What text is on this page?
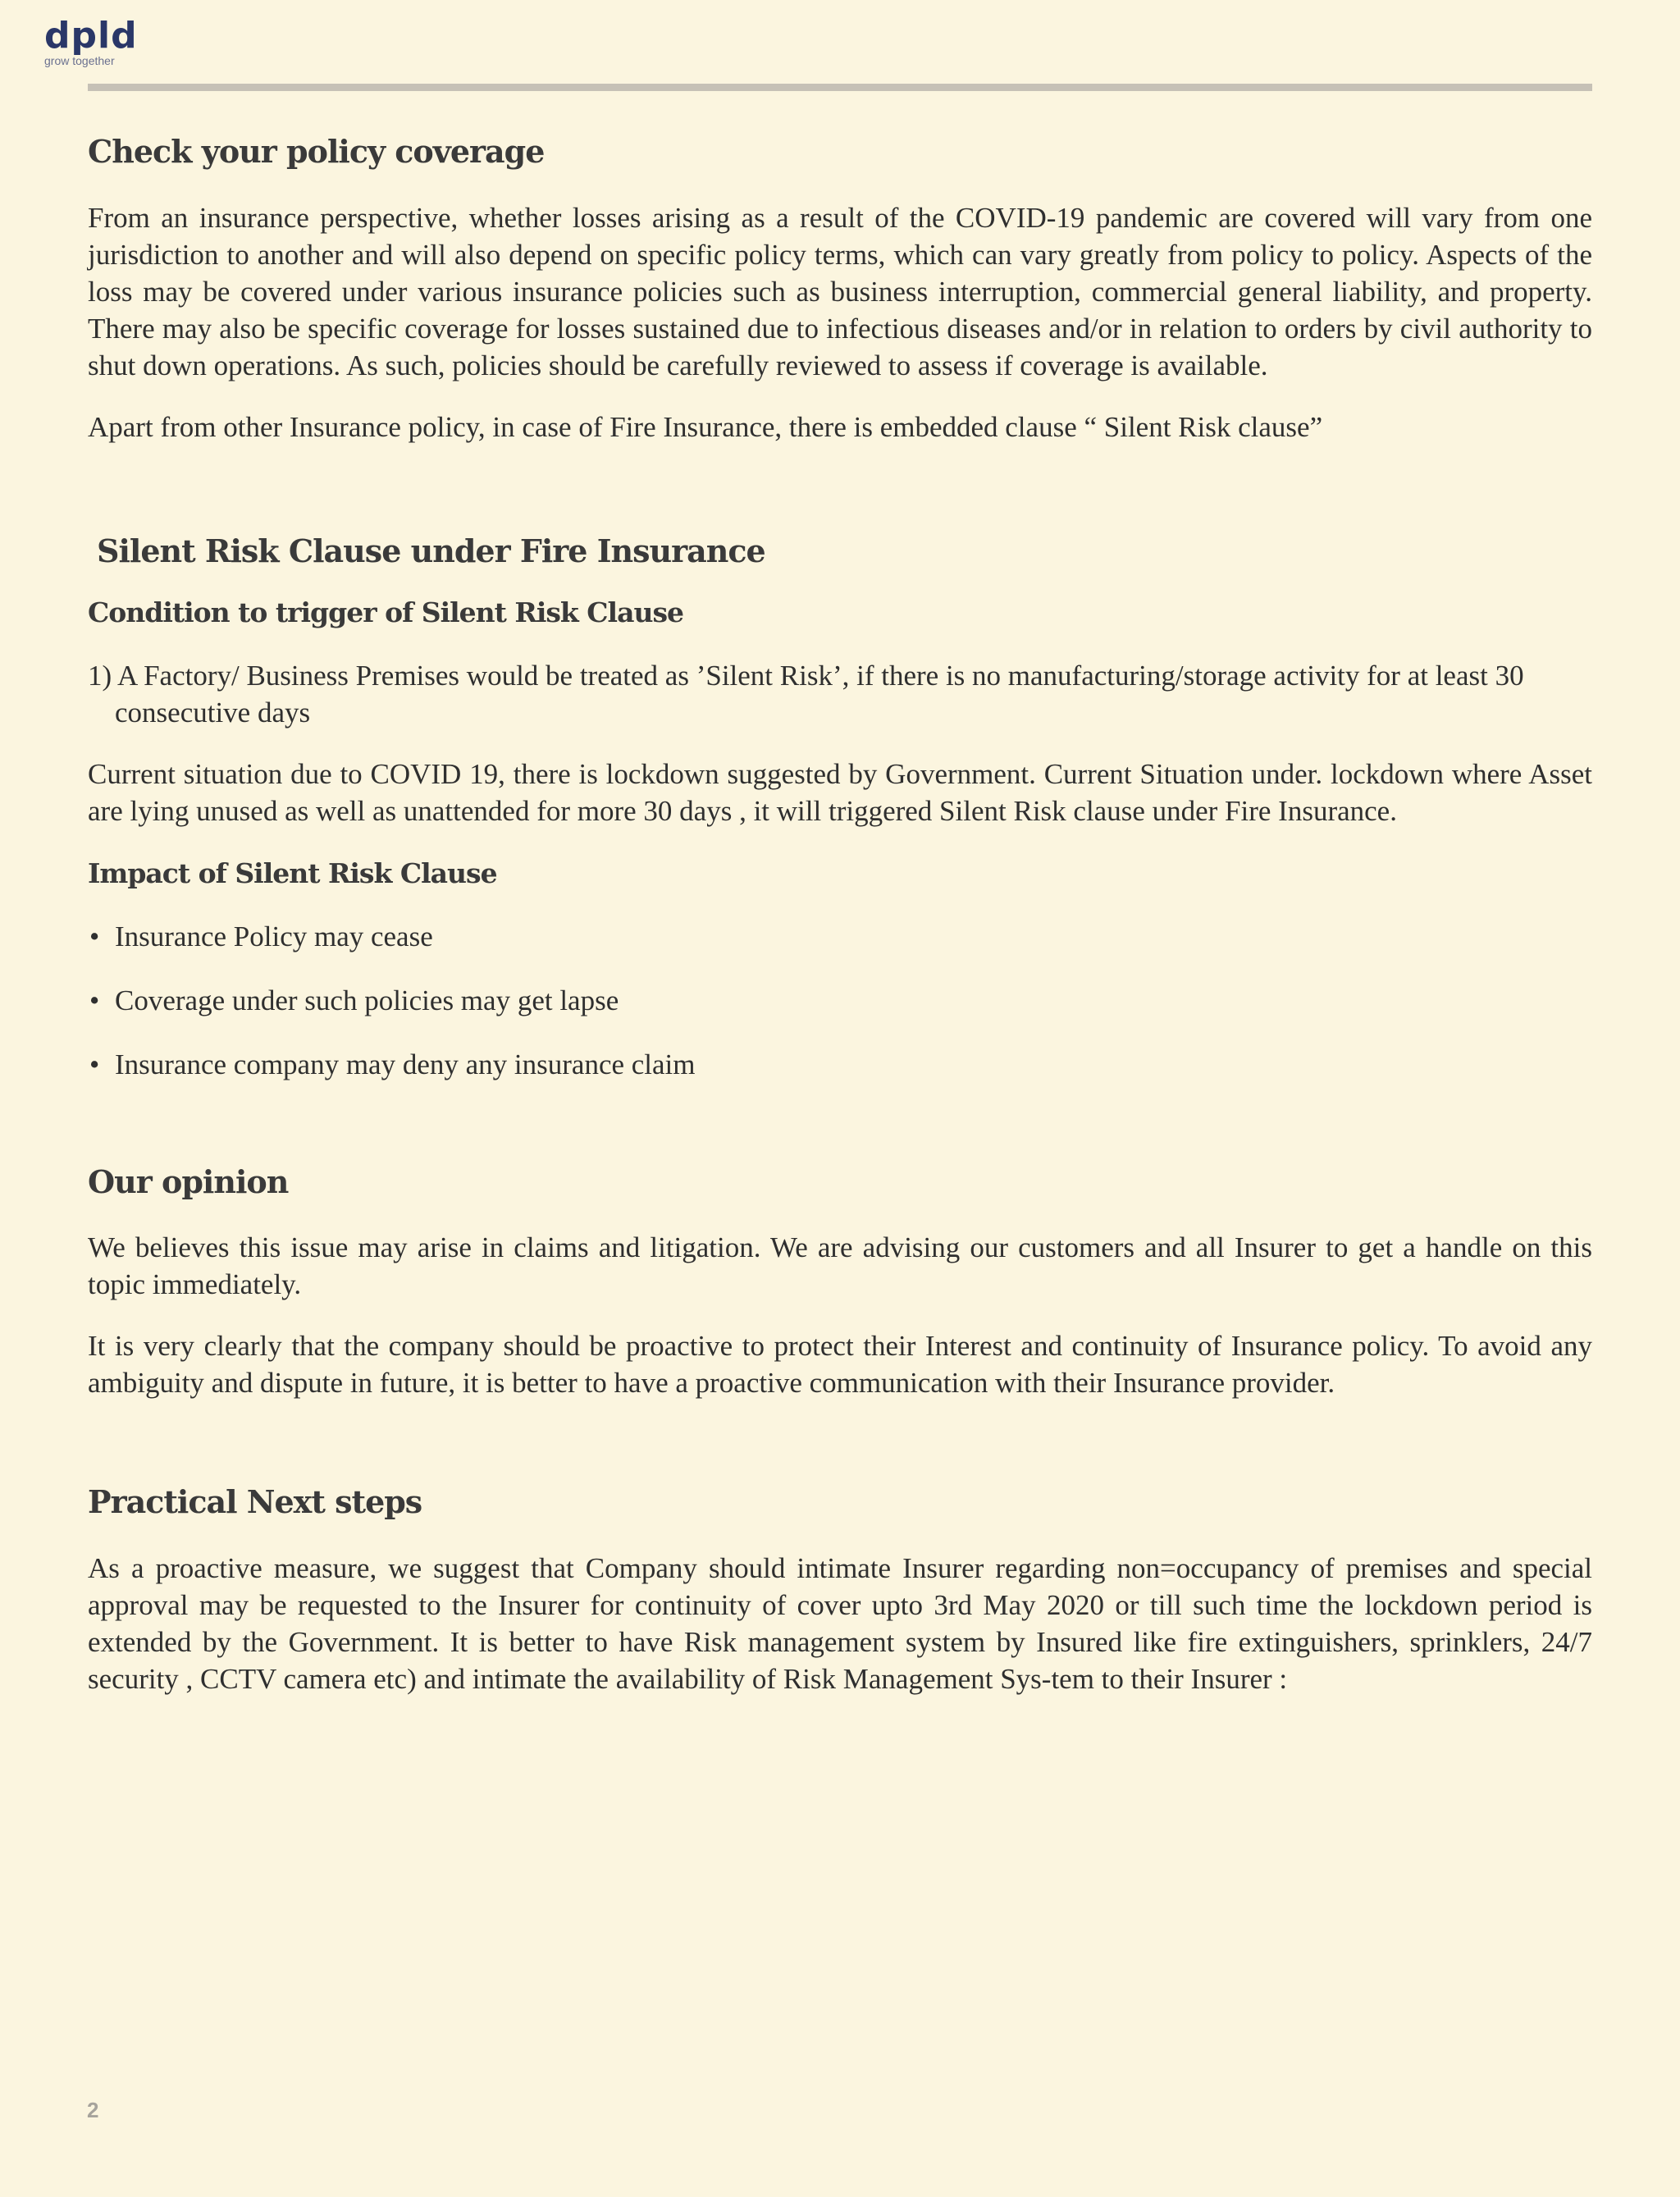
dpld
grow together
Check your policy coverage

From an insurance perspective, whether losses arising as a result of the COVID-19 pandemic are covered will vary from one jurisdiction to another and will also depend on specific policy terms, which can vary greatly from policy to policy. Aspects of the loss may be covered under various insurance policies such as business interruption, commercial general liability, and property. There may also be specific coverage for losses sustained due to infectious diseases and/or in relation to orders by civil authority to shut down operations. As such, policies should be carefully reviewed to assess if coverage is available.

Apart from other Insurance policy, in case of Fire Insurance, there is embedded clause “ Silent Risk clause”

Silent Risk Clause under Fire Insurance
Condition to trigger of Silent Risk Clause

1) A Factory/ Business Premises would be treated as ’Silent Risk’, if there is no manufacturing/storage activity for at least 30 consecutive days

Current situation due to COVID 19, there is lockdown suggested by Government. Current Situation under. lockdown where Asset are lying unused as well as unattended for more 30 days , it will triggered Silent Risk clause under Fire Insurance.

Impact of Silent Risk Clause
• Insurance Policy may cease
• Coverage under such policies may get lapse
• Insurance company may deny any insurance claim
Our opinion

We believes this issue may arise in claims and litigation. We are advising our customers and all Insurer to get a handle on this topic immediately.

It is very clearly that the company should be proactive to protect their Interest and continuity of Insurance policy. To avoid any ambiguity and dispute in future, it is better to have a proactive communication with their Insurance provider.

Practical Next steps

As a proactive measure, we suggest that Company should intimate Insurer regarding non=occupancy of premises and special approval may be requested to the Insurer for continuity of cover upto 3rd May 2020 or till such time the lockdown period is extended by the Government. It is better to have Risk management system by Insured like fire extinguishers, sprinklers, 24/7 security , CCTV camera etc) and intimate the availability of Risk Management Sys-tem to their Insurer :

2
